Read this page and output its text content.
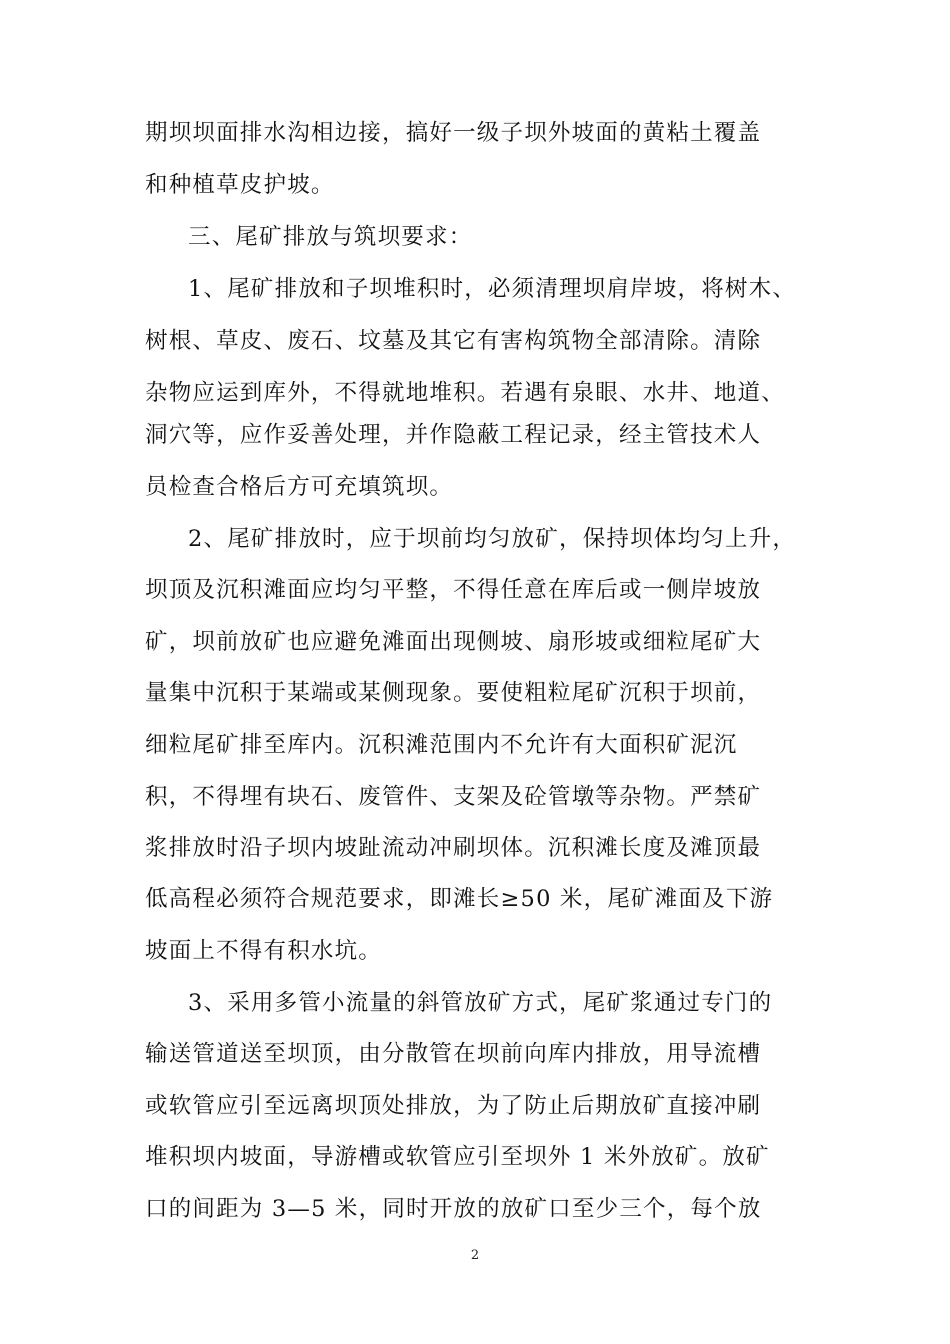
期坝坝面排水沟相边接，搞好一级子坝外坡面的黄粘土覆盖
和种植草皮护坡。
三、尾矿排放与筑坝要求：
1、尾矿排放和子坝堆积时，必须清理坝肩岸坡，将树木、
树根、草皮、废石、坟墓及其它有害构筑物全部清除。清除
杂物应运到库外，不得就地堆积。若遇有泉眼、水井、地道、
洞穴等，应作妥善处理，并作隐蔽工程记录，经主管技术人
员检查合格后方可充填筑坝。
2、尾矿排放时，应于坝前均匀放矿，保持坝体均匀上升，
坝顶及沉积滩面应均匀平整，不得任意在库后或一侧岸坡放
矿，坝前放矿也应避免滩面出现侧坡、扇形坡或细粒尾矿大
量集中沉积于某端或某侧现象。要使粗粒尾矿沉积于坝前，
细粒尾矿排至库内。沉积滩范围内不允许有大面积矿泥沉
积，不得埋有块石、废管件、支架及砼管墩等杂物。严禁矿
浆排放时沿子坝内坡趾流动冲刷坝体。沉积滩长度及滩顶最
低高程必须符合规范要求，即滩长≥50 米，尾矿滩面及下游
坡面上不得有积水坑。
3、采用多管小流量的斜管放矿方式，尾矿浆通过专门的
输送管道送至坝顶，由分散管在坝前向库内排放，用导流槽
或软管应引至远离坝顶处排放，为了防止后期放矿直接冲刷
堆积坝内坡面，导游槽或软管应引至坝外 1 米外放矿。放矿
口的间距为 3—5 米，同时开放的放矿口至少三个，每个放
2
